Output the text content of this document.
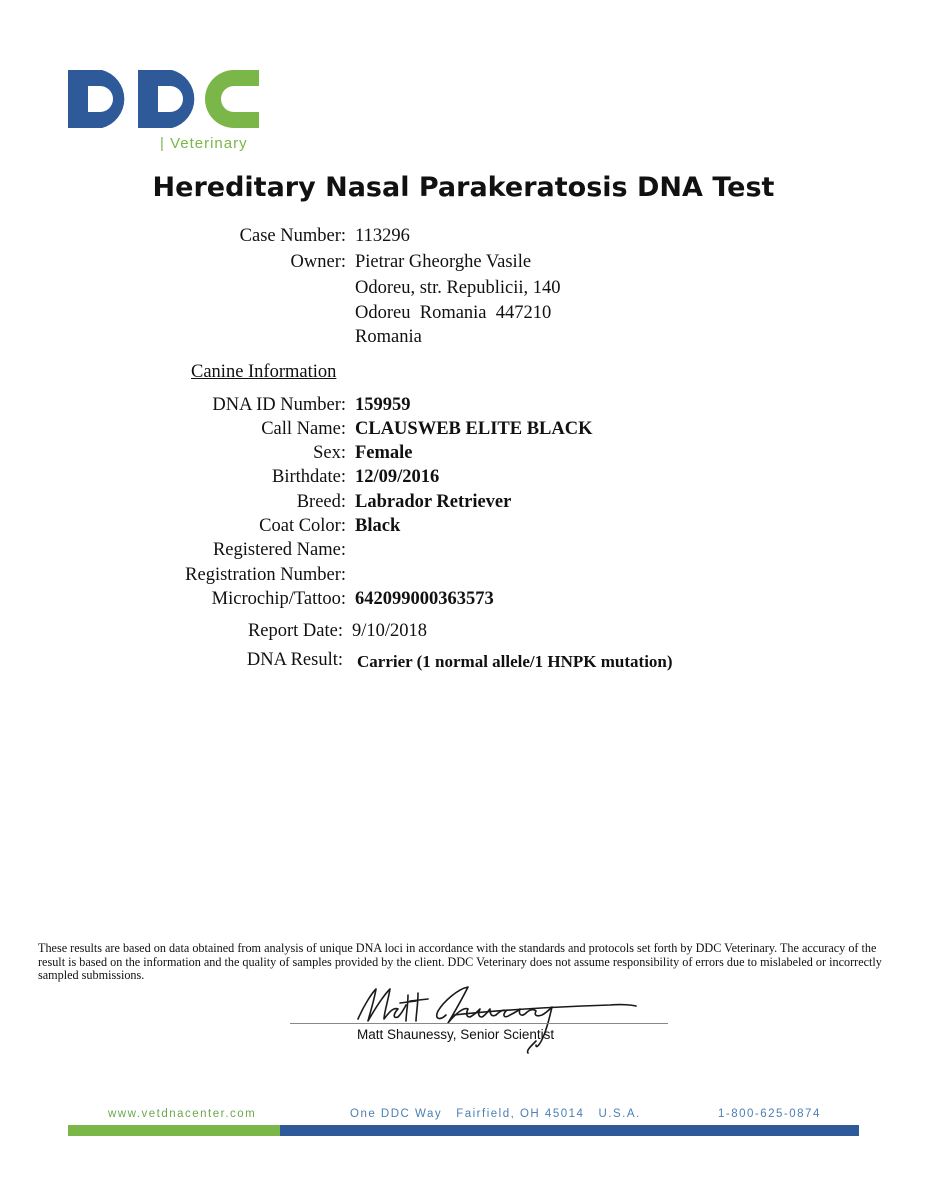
| Veterinary
Hereditary Nasal Parakeratosis DNA Test
Case Number: 113296
Owner: Pietrar Gheorghe Vasile
Odoreu, str. Republicii, 140
Odoreu  Romania  447210
Romania
Canine Information
DNA ID Number: 159959
Call Name: CLAUSWEB ELITE BLACK
Sex: Female
Birthdate: 12/09/2016
Breed: Labrador Retriever
Coat Color: Black
Registered Name:
Registration Number:
Microchip/Tattoo: 642099000363573
Report Date: 9/10/2018
DNA Result: Carrier (1 normal allele/1 HNPK mutation)
These results are based on data obtained from analysis of unique DNA loci in accordance with the standards and protocols set forth by DDC Veterinary. The accuracy of the result is based on the information and the quality of samples provided by the client. DDC Veterinary does not assume responsibility of errors due to mislabeled or incorrectly sampled submissions.
Matt Shaunessy, Senior Scientist
www.vetdnacenter.com	One DDC Way   Fairfield, OH 45014   U.S.A.	1-800-625-0874
